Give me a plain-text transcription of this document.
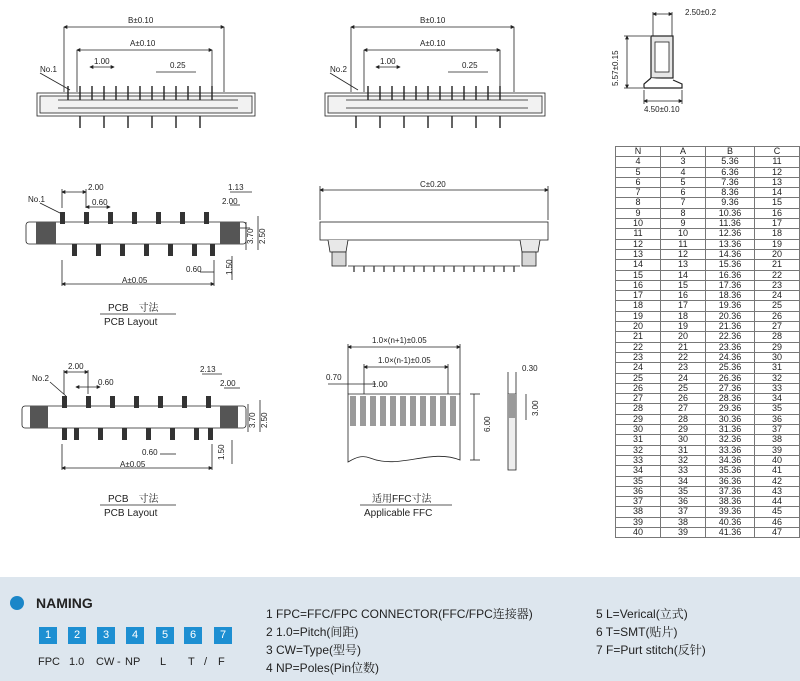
B±0.10
A±0.10
1.00	0.25
No.1
B±0.10
A±0.10
1.00	0.25
No.2
2.50±0.2
5.57±0.15
4.50±0.10
2.00
0.60
1.13
2.00
3.70 2.50
1.50
0.60
A±0.05
No.1
PCB　寸法
PCB Layout
C±0.20
2.00
0.60
2.13
2.00
3.70 2.50
1.50
0.60
A±0.05
No.2
PCB　寸法
PCB Layout
1.0×(n+1)±0.05
1.0×(n-1)±0.05
0.70
1.00
0.30
3.00
6.00
适用FFC寸法
Applicable FFC
N	A	B	C
4	3	5.36	11
5	4	6.36	12
6	5	7.36	13
7	6	8.36	14
8	7	9.36	15
9	8	10.36	16
10	9	11.36	17
11	10	12.36	18
12	11	13.36	19
13	12	14.36	20
14	13	15.36	21
15	14	16.36	22
16	15	17.36	23
17	16	18.36	24
18	17	19.36	25
19	18	20.36	26
20	19	21.36	27
21	20	22.36	28
22	21	23.36	29
23	22	24.36	30
24	23	25.36	31
25	24	26.36	32
26	25	27.36	33
27	26	28.36	34
28	27	29.36	35
29	28	30.36	36
30	29	31.36	37
31	30	32.36	38
32	31	33.36	39
33	32	34.36	40
34	33	35.36	41
35	34	36.36	42
36	35	37.36	43
37	36	38.36	44
38	37	39.36	45
39	38	40.36	46
40	39	41.36	47
NAMING
1	2	3	4	5	6	7
FPC 1.0 CW - NP L T / F
1 FPC=FFC/FPC CONNECTOR(FFC/FPC连接器)
2 1.0=Pitch(间距)
3 CW=Type(型号)
4 NP=Poles(Pin位数)
5 L=Verical(立式)
6 T=SMT(贴片)
7 F=Purt stitch(反针)
